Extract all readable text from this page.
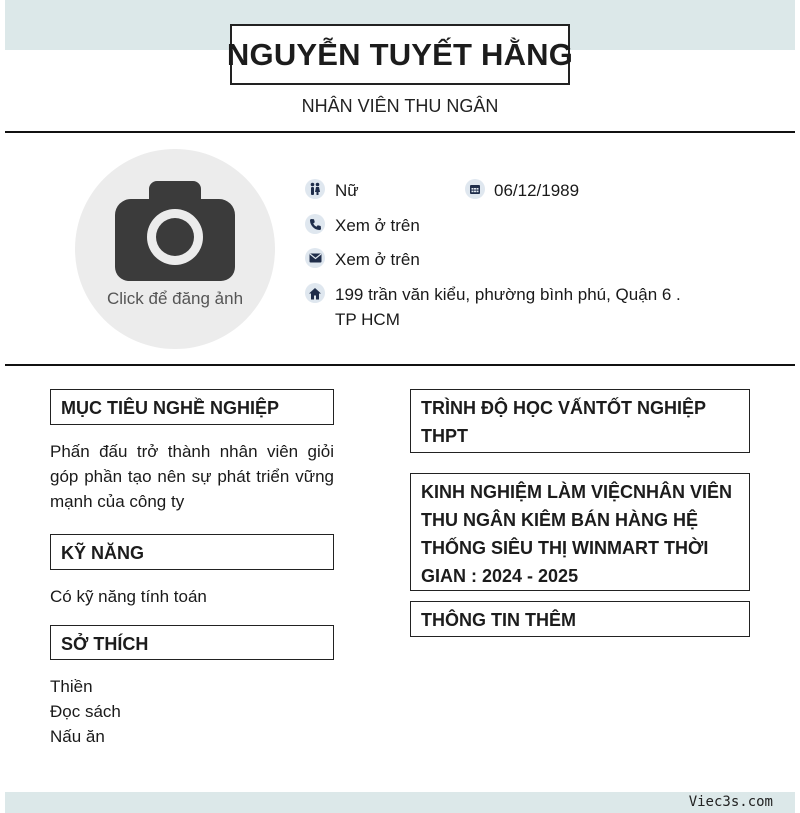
NGUYỄN TUYẾT HẰNG
NHÂN VIÊN THU NGÂN
Click để đăng ảnh
Nữ	06/12/1989
Xem ở trên
Xem ở trên
199 trần văn kiểu, phường bình phú, Quận 6 .
TP HCM
MỤC TIÊU NGHỀ NGHIỆP
Phấn đấu trở thành nhân viên giỏi góp phần tạo nên sự phát triển vững mạnh của công ty
KỸ NĂNG
Có kỹ năng tính toán
SỞ THÍCH
Thiền
Đọc sách
Nấu ăn
TRÌNH ĐỘ HỌC VẤNTỐT NGHIỆP THPT
KINH NGHIỆM LÀM VIỆCNHÂN VIÊN THU NGÂN KIÊM BÁN HÀNG HỆ THỐNG SIÊU THỊ WINMART THỜI GIAN : 2024 - 2025
THÔNG TIN THÊM
Viec3s.com
